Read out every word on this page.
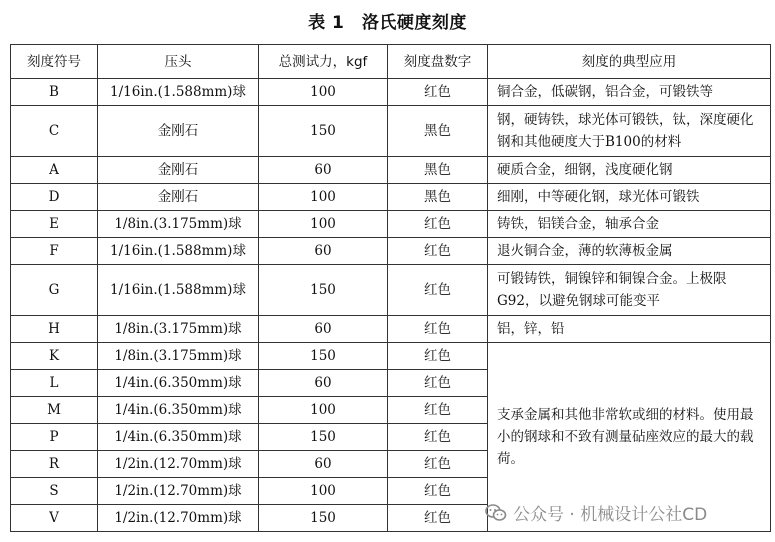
表 1　洛氏硬度刻度
刻度符号	压头	总测试力，kgf	刻度盘数字	刻度的典型应用
B	1/16in.(1.588mm)球	100	红色	铜合金，低碳钢，铝合金，可锻铁等
C	金刚石	150	黑色	钢，硬铸铁，球光体可锻铁，钛，深度硬化钢和其他硬度大于B100的材料
A	金刚石	60	黑色	硬质合金，细钢，浅度硬化钢
D	金刚石	100	黑色	细刚，中等硬化钢，球光体可锻铁
E	1/8in.(3.175mm)球	100	红色	铸铁，铝镁合金，轴承合金
F	1/16in.(1.588mm)球	60	红色	退火铜合金，薄的软薄板金属
G	1/16in.(1.588mm)球	150	红色	可锻铸铁，铜镍锌和铜镍合金。上极限G92，以避免钢球可能变平
H	1/8in.(3.175mm)球	60	红色	铝，锌，铅
K	1/8in.(3.175mm)球	150	红色	支承金属和其他非常软或细的材料。使用最小的钢球和不致有测量砧座效应的最大的载荷。
L	1/4in.(6.350mm)球	60	红色	
M	1/4in.(6.350mm)球	100	红色	
P	1/4in.(6.350mm)球	150	红色	
R	1/2in.(12.70mm)球	60	红色	
S	1/2in.(12.70mm)球	100	红色	
V	1/2in.(12.70mm)球	150	红色		公众号 · 机械设计公社CD
